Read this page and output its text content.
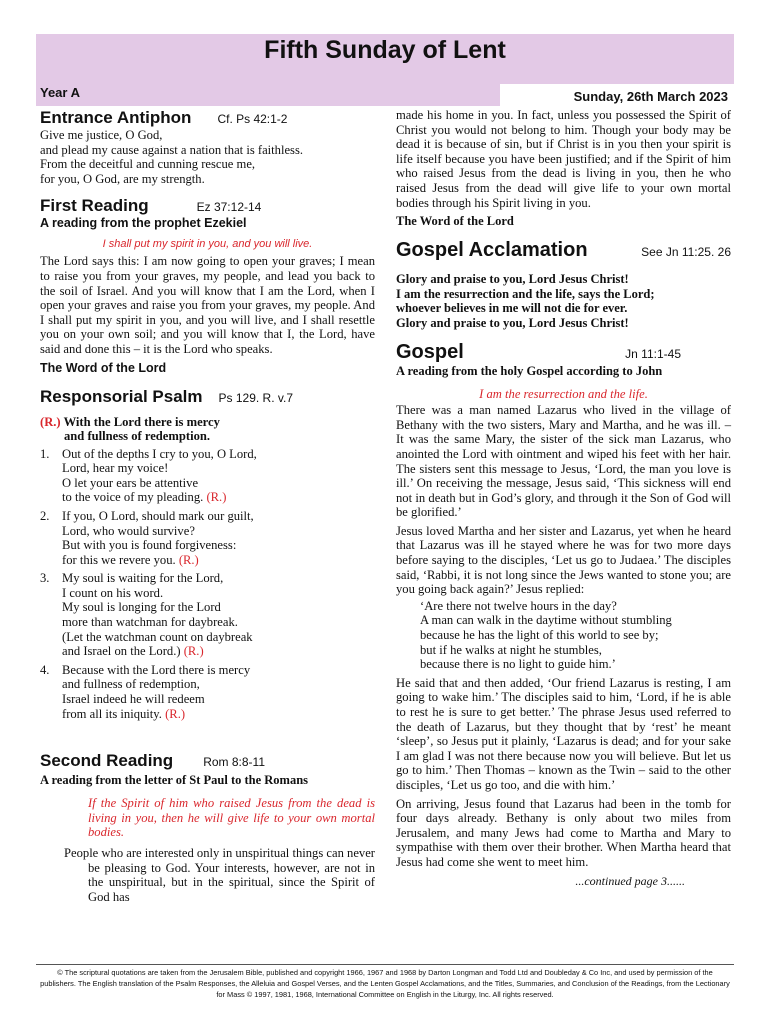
Fifth Sunday of Lent
Year A	Sunday, 26th March 2023
Entrance Antiphon Cf. Ps 42:1-2

Give me justice, O God,

and plead my cause against a nation that is faithless.

From the deceitful and cunning rescue me,

for you, O God, are my strength.

First Reading	Ez 37:12-14
A reading from the prophet Ezekiel
I shall put my spirit in you, and you will live.

The Lord says this: I am now going to open your graves; I mean to raise you from your graves, my people, and lead you back to the soil of Israel. And you will know that I am the Lord, when I open your graves and raise you from your graves, my people. And I shall put my spirit in you, and you will live, and I shall resettle you on your own soil; and you will know that I, the Lord, have said and done this – it is the Lord who speaks.

The Word of the Lord
Responsorial Psalm Ps 129. R. v.7
(R.) With the Lord there is mercy
and fullness of redemption.
1. Out of the depths I cry to you, O Lord,

Lord, hear my voice!

O let your ears be attentive

to the voice of my pleading. (R.)

2. If you, O Lord, should mark our guilt,

Lord, who would survive?

But with you is found forgiveness:

for this we revere you. (R.)

3. My soul is waiting for the Lord,

I count on his word.

My soul is longing for the Lord

more than watchman for daybreak.

(Let the watchman count on daybreak

and Israel on the Lord.) (R.)

4. Because with the Lord there is mercy

and fullness of redemption,

Israel indeed he will redeem

from all its iniquity. (R.)

Second Reading	Rom 8:8-11
A reading from the letter of St Paul to the Romans

If the Spirit of him who raised Jesus from the dead is living in you, then he will give life to your own mortal bodies.

People who are interested only in unspiritual things can never be pleasing to God. Your interests, however, are not in the unspiritual, but in the spiritual, since the Spirit of God has

made his home in you. In fact, unless you possessed the Spirit of Christ you would not belong to him. Though your body may be dead it is because of sin, but if Christ is in you then your spirit is life itself because you have been justified; and if the Spirit of him who raised Jesus from the dead is living in you, then he who raised Jesus from the dead will give life to your own mortal bodies through his Spirit living in you.

The Word of the Lord
Gospel Acclamation	See Jn 11:25. 26

Glory and praise to you, Lord Jesus Christ!

I am the resurrection and the life, says the Lord;

whoever believes in me will not die for ever.

Glory and praise to you, Lord Jesus Christ!

Gospel	Jn 11:1-45
A reading from the holy Gospel according to John

I am the resurrection and the life.

There was a man named Lazarus who lived in the village of Bethany with the two sisters, Mary and Martha, and he was ill. – It was the same Mary, the sister of the sick man Lazarus, who anointed the Lord with ointment and wiped his feet with her hair. The sisters sent this message to Jesus, ‘Lord, the man you love is ill.’ On receiving the message, Jesus said, ‘This sickness will end not in death but in God’s glory, and through it the Son of God will be glorified.’

Jesus loved Martha and her sister and Lazarus, yet when he heard that Lazarus was ill he stayed where he was for two more days before saying to the disciples, ‘Let us go to Judaea.’ The disciples said, ‘Rabbi, it is not long since the Jews wanted to stone you; are you going back again?’ Jesus replied:

‘Are there not twelve hours in the day?

A man can walk in the daytime without stumbling

because he has the light of this world to see by;

but if he walks at night he stumbles,

because there is no light to guide him.’

He said that and then added, ‘Our friend Lazarus is resting, I am going to wake him.’ The disciples said to him, ‘Lord, if he is able to rest he is sure to get better.’ The phrase Jesus used referred to the death of Lazarus, but they thought that by ‘rest’ he meant ‘sleep’, so Jesus put it plainly, ‘Lazarus is dead; and for your sake I am glad I was not there because now you will believe. But let us go to him.’ Then Thomas – known as the Twin – said to the other disciples, ‘Let us go too, and die with him.’

On arriving, Jesus found that Lazarus had been in the tomb for four days already. Bethany is only about two miles from Jerusalem, and many Jews had come to Martha and Mary to sympathise with them over their brother. When Martha heard that Jesus had come she went to meet him.

...continued page 3......
© The scriptural quotations are taken from the Jerusalem Bible, published and copyright 1966, 1967 and 1968 by Darton Longman and Todd Ltd and Doubleday & Co Inc, and used by permission of the publishers. The English translation of the Psalm Responses, the Alleluia and Gospel Verses, and the Lenten Gospel Acclamations, and the Titles, Summaries, and Conclusion of the Readings, from the Lectionary for Mass © 1997, 1981, 1968, International Committee on English in the Liturgy, Inc. All rights reserved.
